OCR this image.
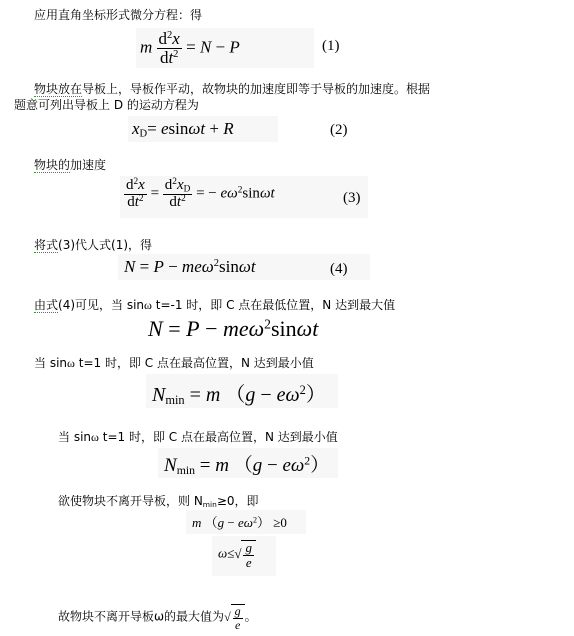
应用直角坐标形式微分方程：得
m $\frac{d^2x}{dt^2} = N - P$	(1)
物块放在导板上，导板作平动，故物块的加速度即等于导板的加速度。根据
题意可列出导板上 D 的运动方程为
$x_D= esin\omega t + R$	(2)
物块的加速度
$\frac{d^2x}{dt^2} = \frac{d^2x_D}{dt^2}$ = − $e\omega^2\sin\omega t$	(3)
将式(3)代人式(1)，得
N = P − meω$^2$sinωt	(4)
由式(4)可见，当 sinω t=-1 时，即 C 点在最低位置，N 达到最大值
N = P − meω$^2$sinωt
当 sinω t=1 时，即 C 点在最高位置，N 达到最小值
$N_{min} = m$ $(g - e\omega^2)$
当 sinω t=1 时，即 C 点在最高位置，N 达到最小值
$N_{min} = m$ $(g - e\omega^2)$
欲使物块不离开导板，则 $N_{min}\ge 0$，即
m $(g - e\omega^2) \ge 0$
$\omega\le√ \frac{g}{e}$
故物块不离开导板ω的最大值为√ $\frac{g}{e}$ 。
